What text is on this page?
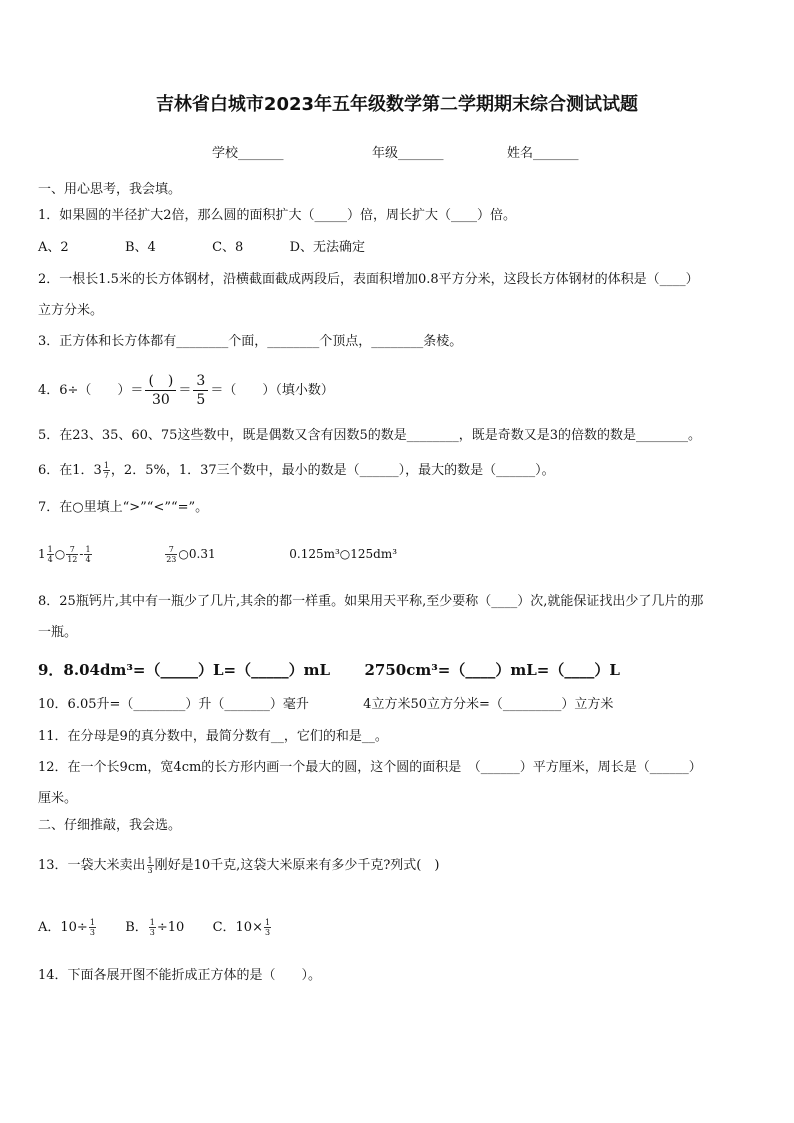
吉林省白城市2023年五年级数学第二学期期末综合测试试题
学校_______	年级_______	姓名_______
一、用心思考，我会填。
1．如果圆的半径扩大2倍，那么圆的面积扩大（_____）倍，周长扩大（____）倍。
A、2	B、4	C、8	D、无法确定
2．一根长1.5米的长方体钢材，沿横截面截成两段后，表面积增加0.8平方分米，这段长方体钢材的体积是（____）
立方分米。
3．正方体和长方体都有________个面，________个顶点，________条棱。
4．6÷（　　）＝
(　)
30
＝ $\frac{3}{5}$ ＝（　　）（填小数）
5．在23、35、60、75这些数中，既是偶数又含有因数5的数是________，既是奇数又是3的倍数的数是________。
6．在1．$3 \frac{1}{7}$ ，2．5%，1．37三个数中，最小的数是（______），最大的数是（______）。
7．在○里填上“>”“<”“=”。
$1 \frac{1}{4}$ ○ $\frac{7}{12} - \frac{1}{4}$
	$\frac{7}{23}$ ○0.31	0.125m³○125dm³
8．25瓶钙片,其中有一瓶少了几片,其余的都一样重。如果用天平称,至少要称（____）次,就能保证找出少了几片的那
一瓶。
9．8.04dm³=（_____）L=（_____）mL 2750cm³=（____）mL=（____）L
10．6.05升=（________）升（_______）毫升	4立方米50立方分米=（_________）立方米
11．在分母是9的真分数中，最简分数有__，它们的和是__。
12．在一个长9cm，宽4cm的长方形内画一个最大的圆，这个圆的面积是　（______）平方厘米，周长是（______）
厘米。
二、仔细推敲，我会选。
13．一袋大米卖出 $\frac{1}{3}$ 刚好是10千克,这袋大米原来有多少千克?列式(　)
A．$10\div \frac{1}{3}$ B． $\frac{1}{3} \div 10$ C．$10\times \frac{1}{3}$
14．下面各展开图不能折成正方体的是（　　）。
